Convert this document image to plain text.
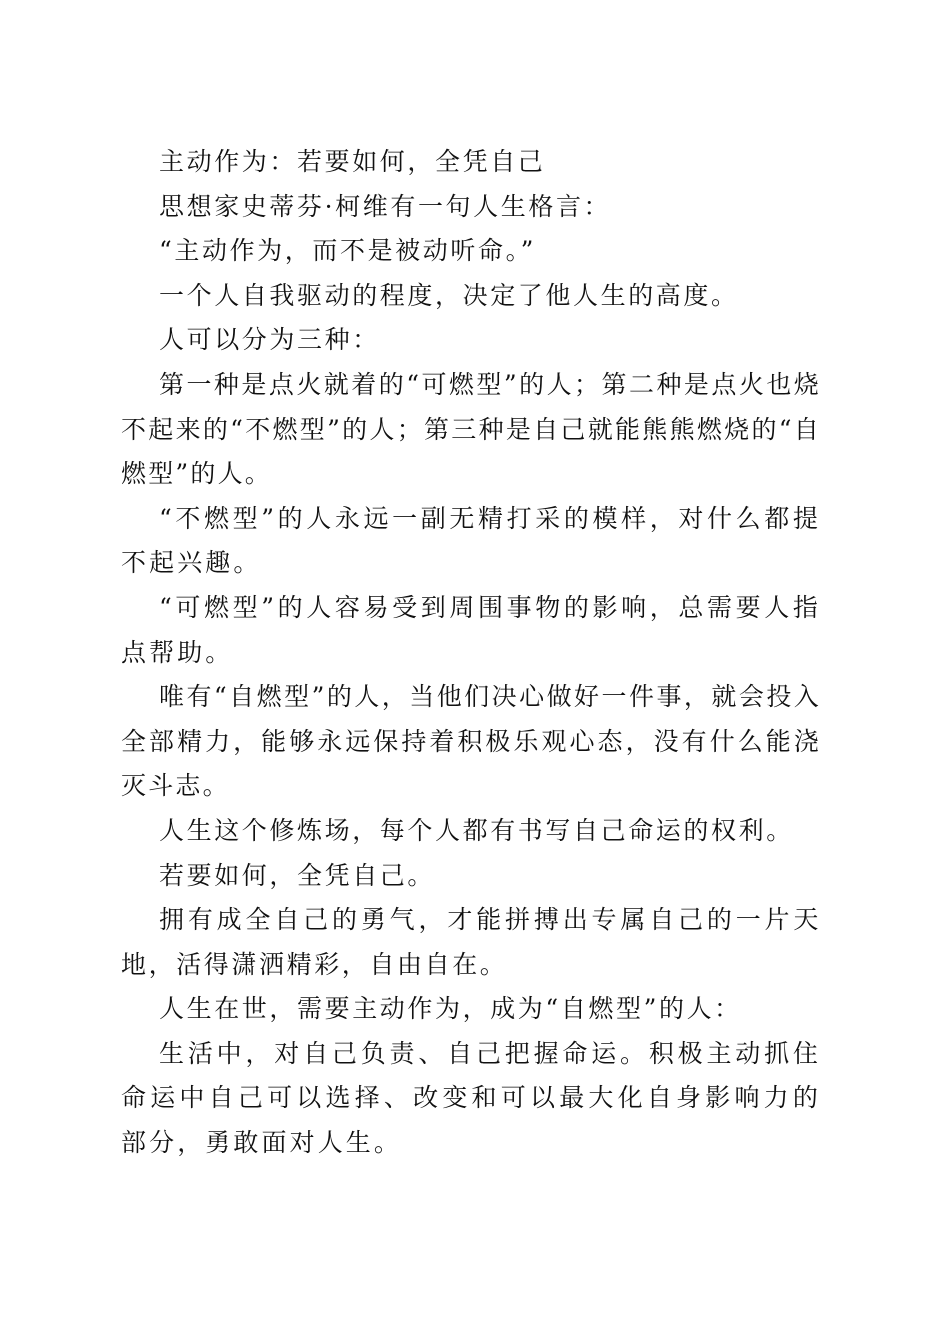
主动作为：若要如何，全凭自己

思想家史蒂芬·柯维有一句人生格言：

“主动作为，而不是被动听命。”

一个人自我驱动的程度，决定了他人生的高度。

人可以分为三种：

第一种是点火就着的“可燃型”的人；第二种是点火也烧不起来的“不燃型”的人；第三种是自己就能熊熊燃烧的“自燃型”的人。

“不燃型”的人永远一副无精打采的模样，对什么都提不起兴趣。

“可燃型”的人容易受到周围事物的影响，总需要人指点帮助。

唯有“自燃型”的人，当他们决心做好一件事，就会投入全部精力，能够永远保持着积极乐观心态，没有什么能浇灭斗志。

人生这个修炼场，每个人都有书写自己命运的权利。

若要如何，全凭自己。

拥有成全自己的勇气，才能拼搏出专属自己的一片天地，活得潇洒精彩，自由自在。

人生在世，需要主动作为，成为“自燃型”的人：

生活中，对自己负责、自己把握命运。积极主动抓住命运中自己可以选择、改变和可以最大化自身影响力的部分，勇敢面对人生。
